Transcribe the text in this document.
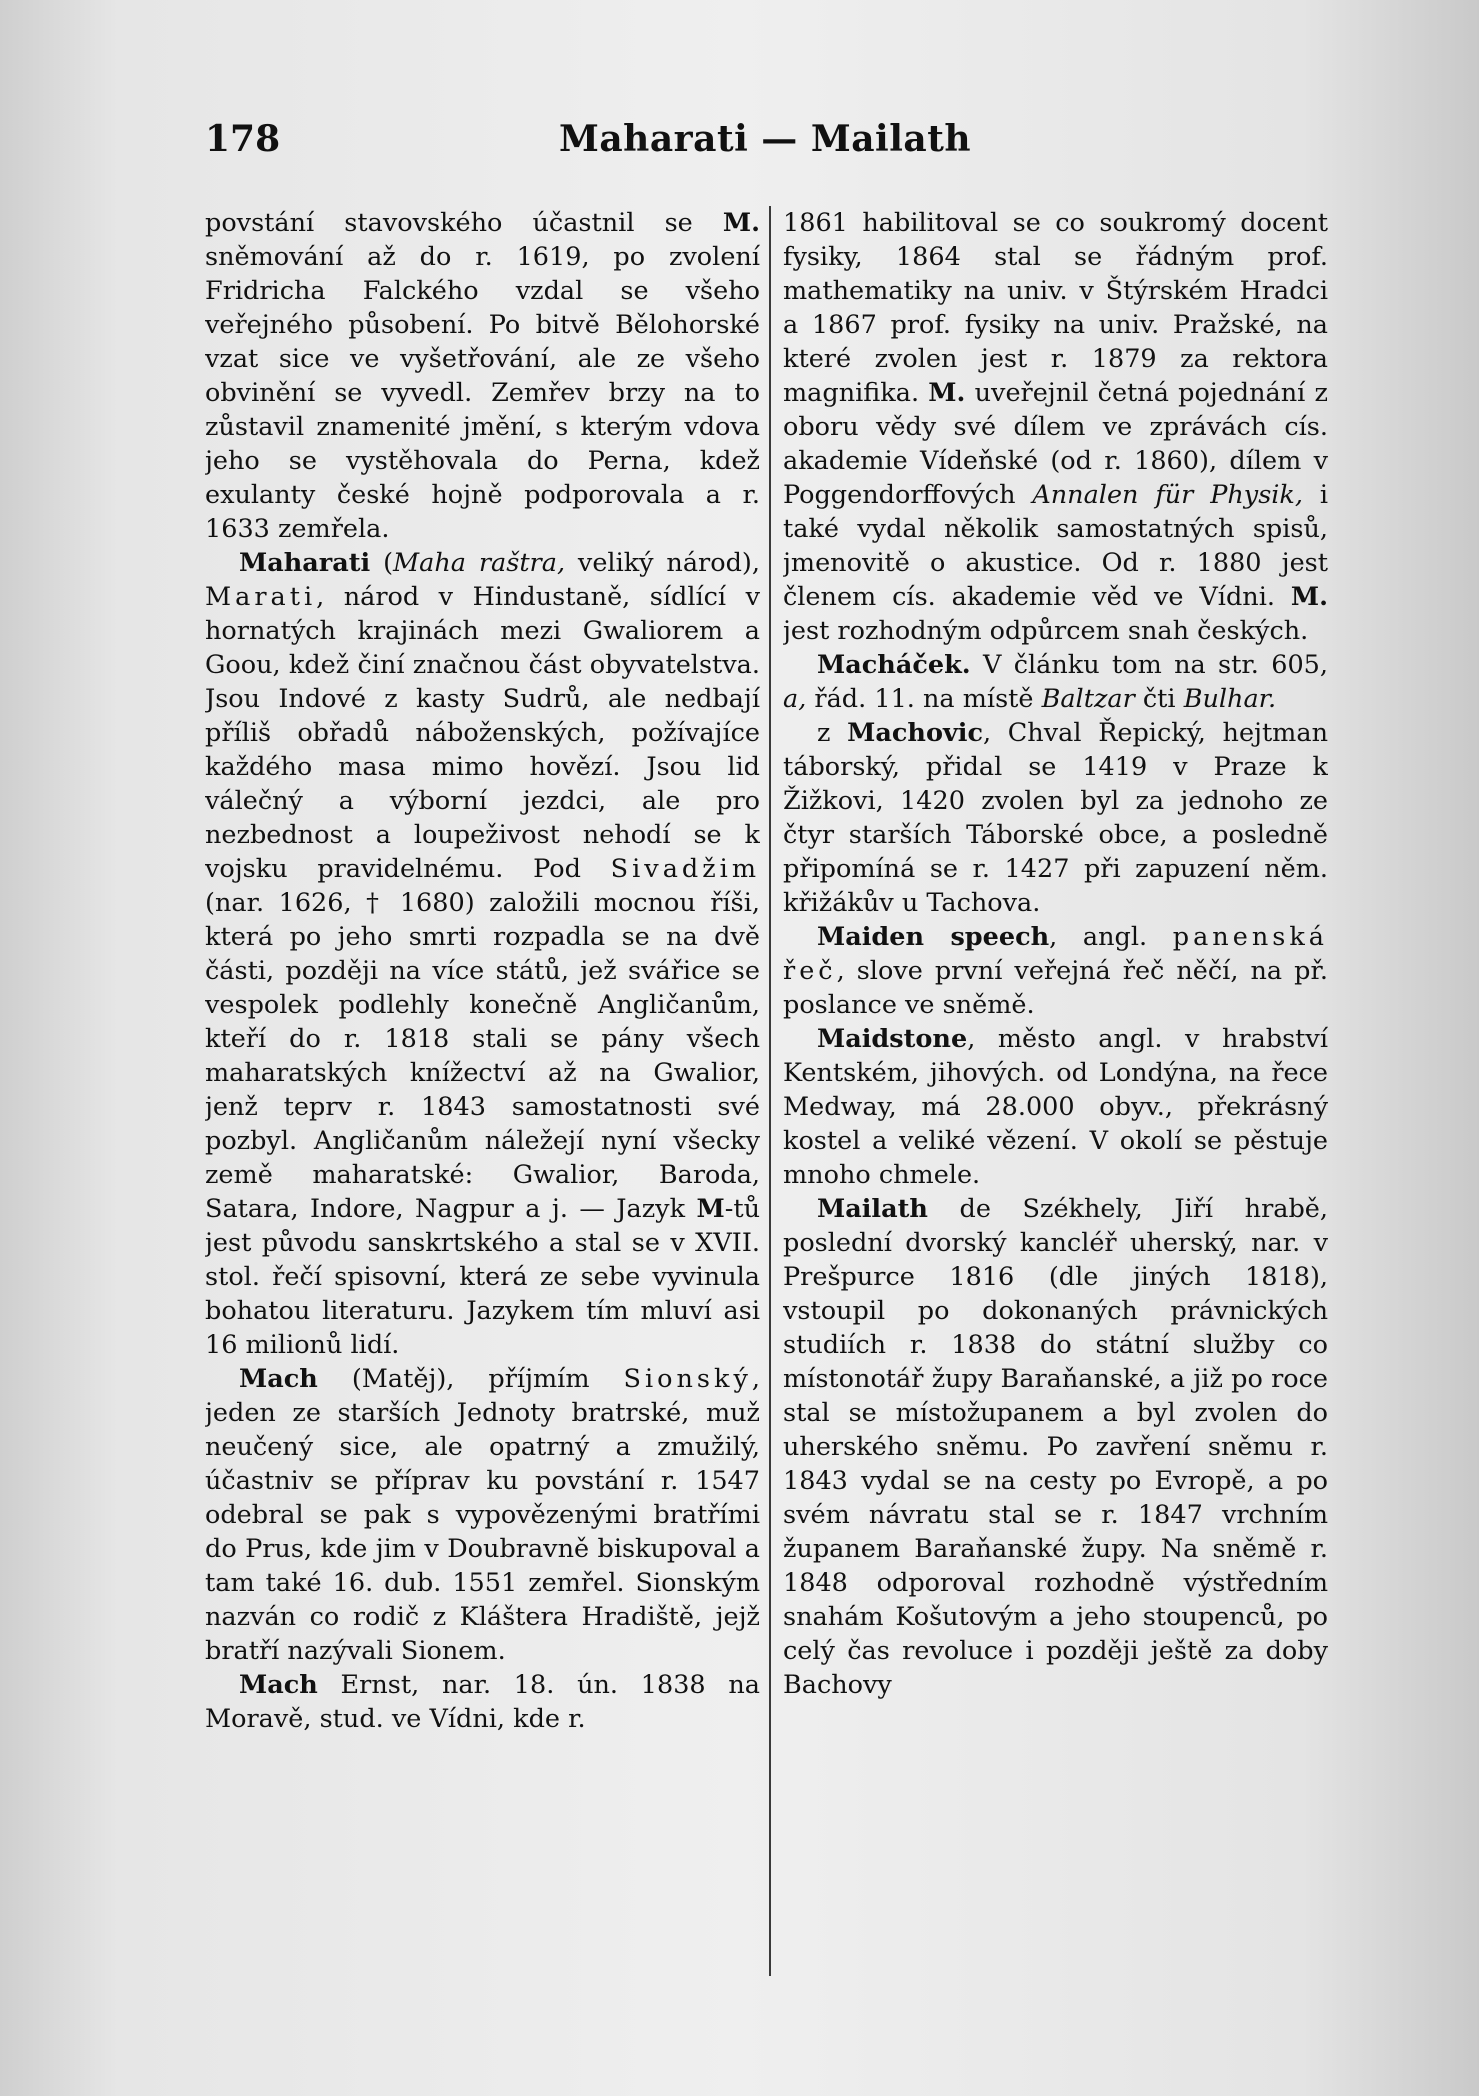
178	Maharati — Mailath

povstání stavovského účastnil se M. sněmování až do r. 1619, po zvolení Fridricha Falckého vzdal se všeho veřejného působení. Po bitvě Bělohorské vzat sice ve vyšetřování, ale ze všeho obvinění se vyvedl. Zemřev brzy na to zůstavil znamenité jmění, s kterým vdova jeho se vystěhovala do Perna, kdež exulanty české hojně podporovala a r. 1633 zemřela.

Maharati (Maha raštra, veliký národ), Marati, národ v Hindustaně, sídlící v hornatých krajinách mezi Gwaliorem a Goou, kdež činí značnou část obyvatelstva. Jsou Indové z kasty Sudrů, ale nedbají příliš obřadů náboženských, požívajíce každého masa mimo hovězí. Jsou lid válečný a výborní jezdci, ale pro nezbednost a loupeživost nehodí se k vojsku pravidelnému. Pod Sivadžim (nar. 1626, † 1680) založili mocnou říši, která po jeho smrti rozpadla se na dvě části, později na více států, jež svářice se vespolek podlehly konečně Angličanům, kteří do r. 1818 stali se pány všech maharatských knížectví až na Gwalior, jenž teprv r. 1843 samostatnosti své pozbyl. Angličanům náležejí nyní všecky země maharatské: Gwalior, Baroda, Satara, Indore, Nagpur a j. — Jazyk M-tů jest původu sanskrtského a stal se v XVII. stol. řečí spisovní, která ze sebe vyvinula bohatou literaturu. Jazykem tím mluví asi 16 milionů lidí.

Mach (Matěj), příjmím Sionský, jeden ze starších Jednoty bratrské, muž neučený sice, ale opatrný a zmužilý, účastniv se příprav ku povstání r. 1547 odebral se pak s vypovězenými bratřími do Prus, kde jim v Doubravně biskupoval a tam také 16. dub. 1551 zemřel. Sionským nazván co rodič z Kláštera Hradiště, jejž bratří nazývali Sionem.

Mach Ernst, nar. 18. ún. 1838 na Moravě, stud. ve Vídni, kde r.

1861 habilitoval se co soukromý docent fysiky, 1864 stal se řádným prof. mathematiky na univ. v Štýrském Hradci a 1867 prof. fysiky na univ. Pražské, na které zvolen jest r. 1879 za rektora magnifika. M. uveřejnil četná pojednání z oboru vědy své dílem ve zprávách cís. akademie Vídeňské (od r. 1860), dílem v Poggendorffových Annalen für Physik, i také vydal několik samostatných spisů, jmenovitě o akustice. Od r. 1880 jest členem cís. akademie věd ve Vídni. M. jest rozhodným odpůrcem snah českých.

Macháček. V článku tom na str. 605, a, řád. 11. na místě Baltzar čti Bulhar.

z Machovic, Chval Řepický, hejtman táborský, přidal se 1419 v Praze k Žižkovi, 1420 zvolen byl za jednoho ze čtyr starších Táborské obce, a posledně připomíná se r. 1427 při zapuzení něm. křižákův u Tachova.

Maiden speech, angl. panenská řeč, slove první veřejná řeč něčí, na př. poslance ve sněmě.

Maidstone, město angl. v hrabství Kentském, jihových. od Londýna, na řece Medway, má 28.000 obyv., překrásný kostel a veliké vězení. V okolí se pěstuje mnoho chmele.

Mailath de Székhely, Jiří hrabě, poslední dvorský kancléř uherský, nar. v Prešpurce 1816 (dle jiných 1818), vstoupil po dokonaných právnických studiích r. 1838 do státní služby co místonotář župy Baraňanské, a již po roce stal se místožupanem a byl zvolen do uherského sněmu. Po zavření sněmu r. 1843 vydal se na cesty po Evropě, a po svém návratu stal se r. 1847 vrchním županem Baraňanské župy. Na sněmě r. 1848 odporoval rozhodně výstředním snahám Košutovým a jeho stoupenců, po celý čas revoluce i později ještě za doby Bachovy
